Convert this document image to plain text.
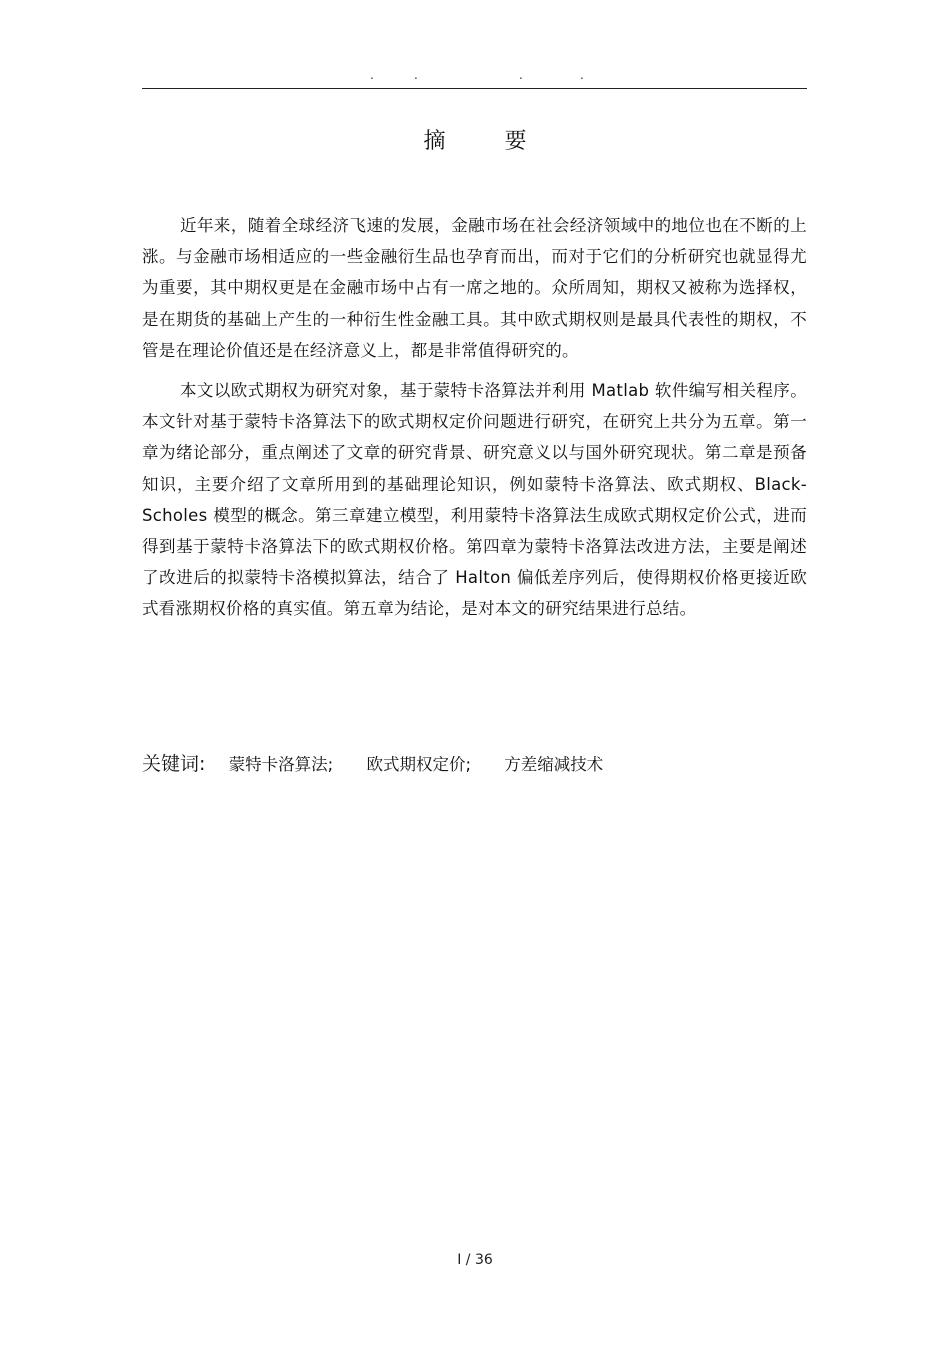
.	.	.	.
摘 要

近年来，随着全球经济飞速的发展，金融市场在社会经济领域中的地位也在不断的上涨。与金融市场相适应的一些金融衍生品也孕育而出，而对于它们的分析研究也就显得尤为重要，其中期权更是在金融市场中占有一席之地的。众所周知，期权又被称为选择权，是在期货的基础上产生的一种衍生性金融工具。其中欧式期权则是最具代表性的期权，不管是在理论价值还是在经济意义上，都是非常值得研究的。

本文以欧式期权为研究对象，基于蒙特卡洛算法并利用 Matlab 软件编写相关程序。本文针对基于蒙特卡洛算法下的欧式期权定价问题进行研究，在研究上共分为五章。第一章为绪论部分，重点阐述了文章的研究背景、研究意义以与国外研究现状。第二章是预备知识，主要介绍了文章所用到的基础理论知识，例如蒙特卡洛算法、欧式期权、Black-Scholes 模型的概念。第三章建立模型，利用蒙特卡洛算法生成欧式期权定价公式，进而得到基于蒙特卡洛算法下的欧式期权价格。第四章为蒙特卡洛算法改进方法，主要是阐述了改进后的拟蒙特卡洛模拟算法，结合了 Halton 偏低差序列后，使得期权价格更接近欧式看涨期权价格的真实值。第五章为结论，是对本文的研究结果进行总结。

关键词: 蒙特卡洛算法; 欧式期权定价; 方差缩减技术
I / 36
